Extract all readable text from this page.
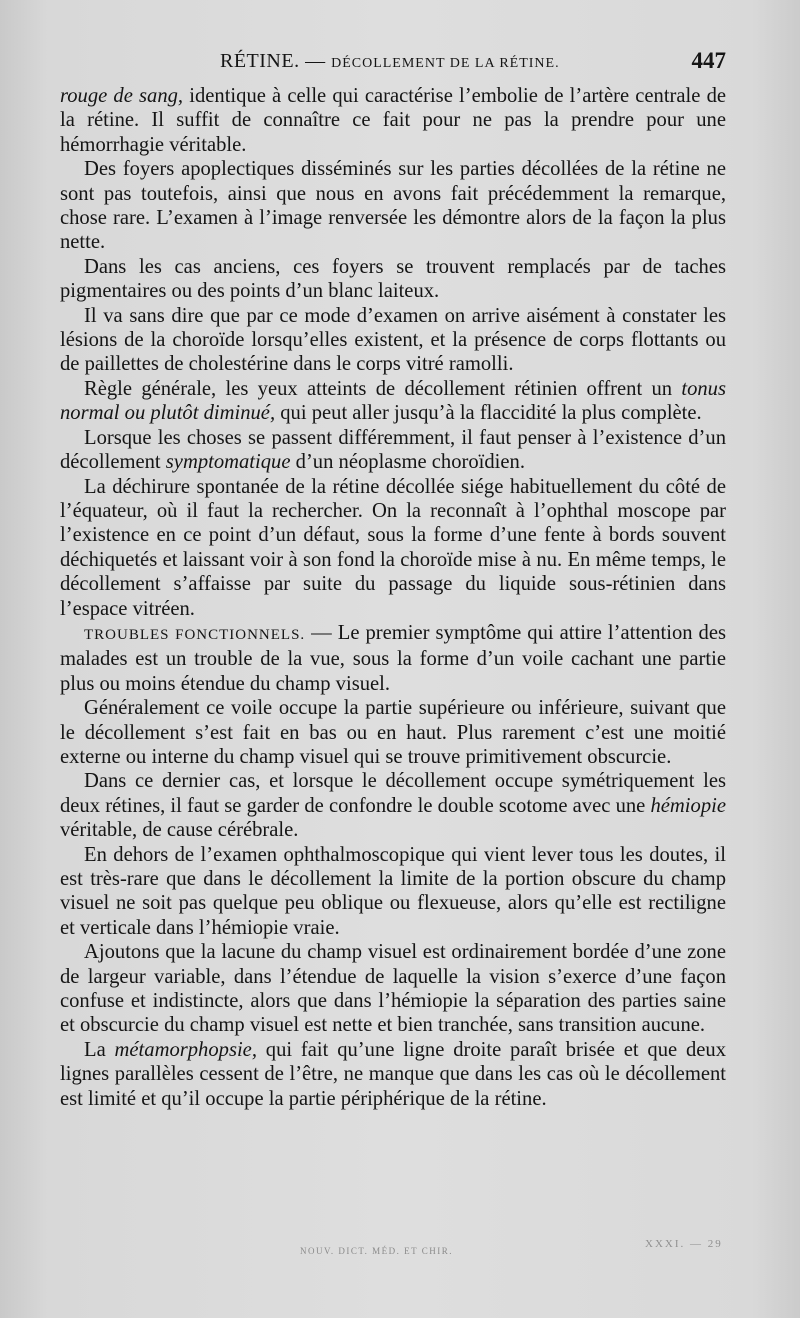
RÉTINE. — DÉCOLLEMENT DE LA RÉTINE.	447

rouge de sang, identique à celle qui caractérise l’embolie de l’artère centrale de la rétine. Il suffit de connaître ce fait pour ne pas la prendre pour une hémorrhagie véritable.

Des foyers apoplectiques disséminés sur les parties décollées de la rétine ne sont pas toutefois, ainsi que nous en avons fait précédemment la remarque, chose rare. L’examen à l’image renversée les démontre alors de la façon la plus nette.

Dans les cas anciens, ces foyers se trouvent remplacés par de taches pigmentaires ou des points d’un blanc laiteux.

Il va sans dire que par ce mode d’examen on arrive aisément à constater les lésions de la choroïde lorsqu’elles existent, et la présence de corps flottants ou de paillettes de cholestérine dans le corps vitré ramolli.

Règle générale, les yeux atteints de décollement rétinien offrent un tonus normal ou plutôt diminué, qui peut aller jusqu’à la flaccidité la plus complète.

Lorsque les choses se passent différemment, il faut penser à l’existence d’un décollement symptomatique d’un néoplasme choroïdien.

La déchirure spontanée de la rétine décollée siége habituellement du côté de l’équateur, où il faut la rechercher. On la reconnaît à l’ophthal moscope par l’existence en ce point d’un défaut, sous la forme d’une fente à bords souvent déchiquetés et laissant voir à son fond la choroïde mise à nu. En même temps, le décollement s’affaisse par suite du passage du liquide sous-rétinien dans l’espace vitréen.

TROUBLES FONCTIONNELS. — Le premier symptôme qui attire l’attention des malades est un trouble de la vue, sous la forme d’un voile cachant une partie plus ou moins étendue du champ visuel.

Généralement ce voile occupe la partie supérieure ou inférieure, suivant que le décollement s’est fait en bas ou en haut. Plus rarement c’est une moitié externe ou interne du champ visuel qui se trouve primitivement obscurcie.

Dans ce dernier cas, et lorsque le décollement occupe symétriquement les deux rétines, il faut se garder de confondre le double scotome avec une hémiopie véritable, de cause cérébrale.

En dehors de l’examen ophthalmoscopique qui vient lever tous les doutes, il est très-rare que dans le décollement la limite de la portion obscure du champ visuel ne soit pas quelque peu oblique ou flexueuse, alors qu’elle est rectiligne et verticale dans l’hémiopie vraie.

Ajoutons que la lacune du champ visuel est ordinairement bordée d’une zone de largeur variable, dans l’étendue de laquelle la vision s’exerce d’une façon confuse et indistincte, alors que dans l’hémiopie la séparation des parties saine et obscurcie du champ visuel est nette et bien tranchée, sans transition aucune.

La métamorphopsie, qui fait qu’une ligne droite paraît brisée et que deux lignes parallèles cessent de l’être, ne manque que dans les cas où le décollement est limité et qu’il occupe la partie périphérique de la rétine.

NOUV. DICT. MÉD. ET CHIR.
XXXI. — 29
